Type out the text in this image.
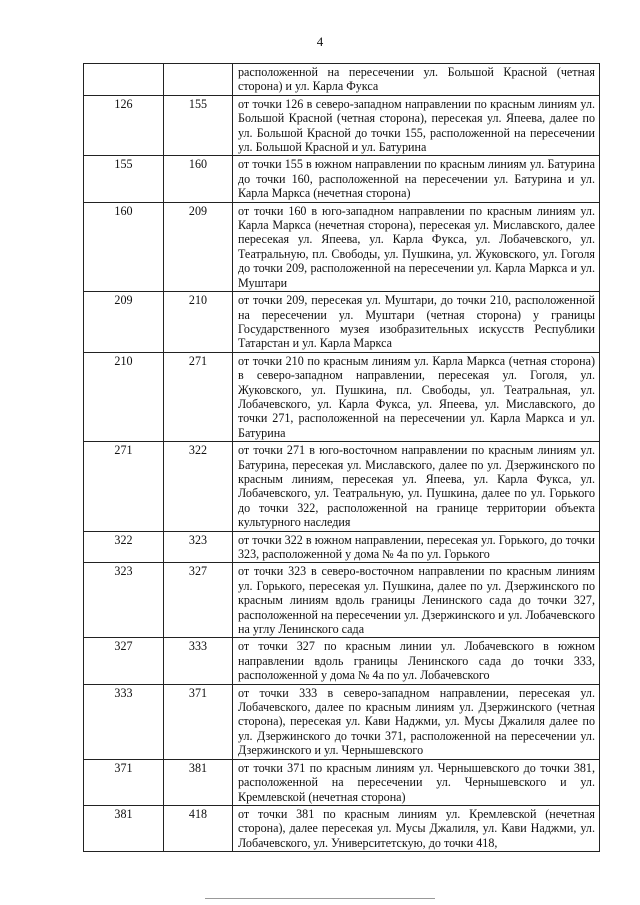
4
		расположенной на пересечении ул. Большой Красной (четная сторона) и ул. Карла Фукса
126	155	от точки 126 в северо-западном направлении по красным линиям ул. Большой Красной (четная сторона), пересекая ул. Япеева, далее по ул. Большой Красной до точки 155, расположенной на пересечении ул. Большой Красной и ул. Батурина
155	160	от точки 155 в южном направлении по красным линиям ул. Батурина до точки 160, расположенной на пересечении ул. Батурина и ул. Карла Маркса (нечетная сторона)
160	209	от точки 160 в юго-западном направлении по красным линиям ул. Карла Маркса (нечетная сторона), пересекая ул. Миславского, далее пересекая ул. Япеева, ул. Карла Фукса, ул. Лобачевского, ул. Театральную, пл. Свободы, ул. Пушкина, ул. Жуковского, ул. Гоголя до точки 209, расположенной на пересечении ул. Карла Маркса и ул. Муштари
209	210	от точки 209, пересекая ул. Муштари, до точки 210, расположенной на пересечении ул. Муштари (четная сторона) у границы Государственного музея изобразительных искусств Республики Татарстан и ул. Карла Маркса
210	271	от точки 210 по красным линиям ул. Карла Маркса (четная сторона) в северо-западном направлении, пересекая ул. Гоголя, ул. Жуковского, ул. Пушкина, пл. Свободы, ул. Театральная, ул. Лобачевского, ул. Карла Фукса, ул. Япеева, ул. Миславского, до точки 271, расположенной на пересечении ул. Карла Маркса и ул. Батурина
271	322	от точки 271 в юго-восточном направлении по красным линиям ул. Батурина, пересекая ул. Миславского, далее по ул. Дзержинского по красным линиям, пересекая ул. Япеева, ул. Карла Фукса, ул. Лобачевского, ул. Театральную, ул. Пушкина, далее по ул. Горького до точки 322, расположенной на границе территории объекта культурного наследия
322	323	от точки 322 в южном направлении, пересекая ул. Горького, до точки 323, расположенной у дома № 4а по ул. Горького
323	327	от точки 323 в северо-восточном направлении по красным линиям ул. Горького, пересекая ул. Пушкина, далее по ул. Дзержинского по красным линиям вдоль границы Ленинского сада до точки 327, расположенной на пересечении ул. Дзержинского и ул. Лобачевского на углу Ленинского сада
327	333	от точки 327 по красным линии ул. Лобачевского в южном направлении вдоль границы Ленинского сада до точки 333, расположенной у дома № 4а по ул. Лобачевского
333	371	от точки 333 в северо-западном направлении, пересекая ул. Лобачевского, далее по красным линиям ул. Дзержинского (четная сторона), пересекая ул. Кави Наджми, ул. Мусы Джалиля далее по ул. Дзержинского до точки 371, расположенной на пересечении ул. Дзержинского и ул. Чернышевского
371	381	от точки 371 по красным линиям ул. Чернышевского до точки 381, расположенной на пересечении ул. Чернышевского и ул. Кремлевской (нечетная сторона)
381	418	от точки 381 по красным линиям ул. Кремлевской (нечетная сторона), далее пересекая ул. Мусы Джалиля, ул. Кави Наджми, ул. Лобачевского, ул. Университетскую, до точки 418,
